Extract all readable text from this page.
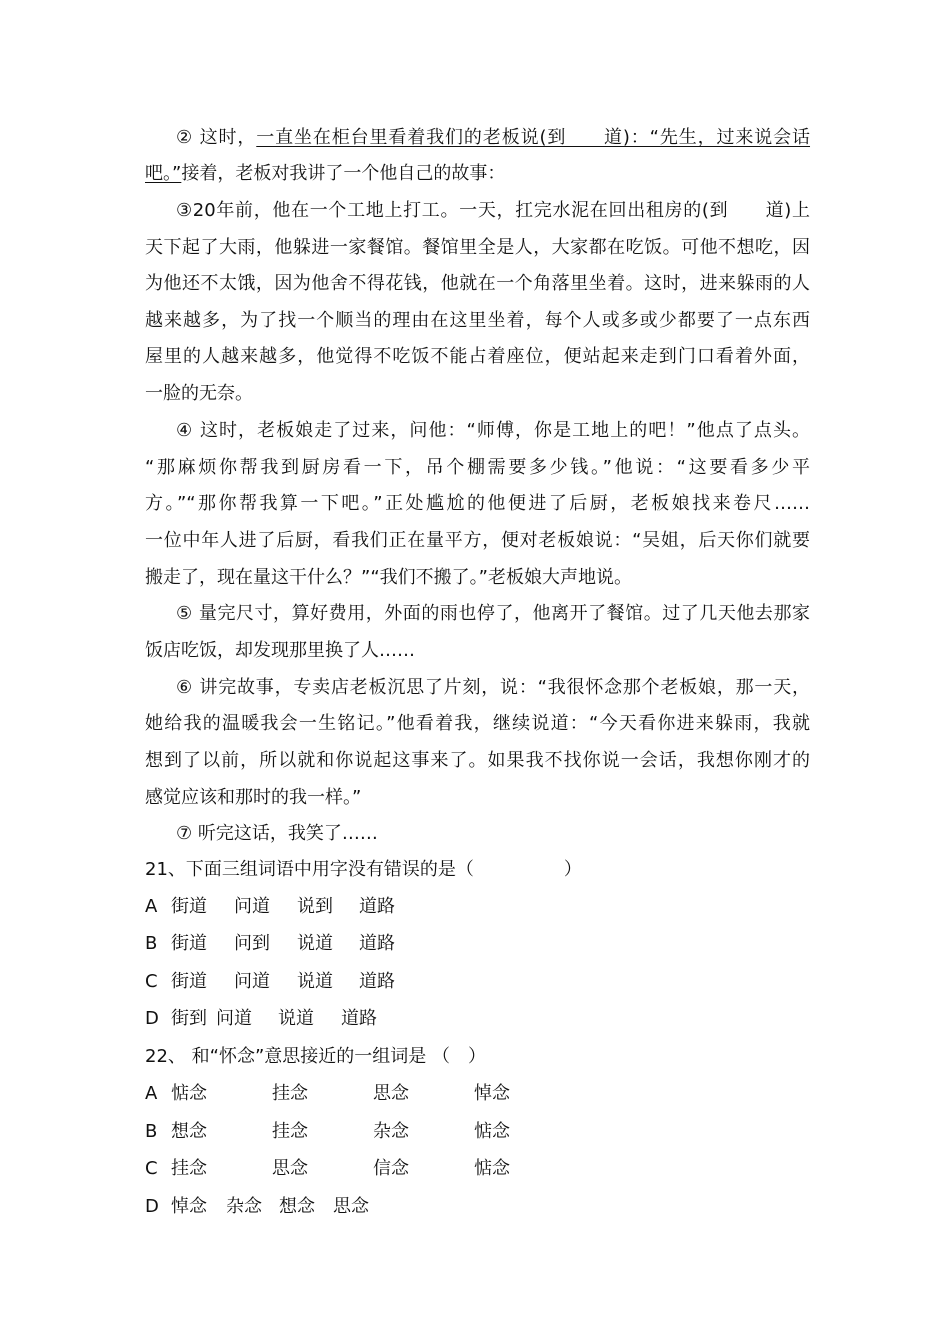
② 这时，一直坐在柜台里看着我们的老板说(到　　道)：“先生，过来说会话
吧。”接着，老板对我讲了一个他自己的故事：
③20年前，他在一个工地上打工。一天，扛完水泥在回出租房的(到　　道)上
天下起了大雨，他躲进一家餐馆。餐馆里全是人，大家都在吃饭。可他不想吃，因
为他还不太饿，因为他舍不得花钱，他就在一个角落里坐着。这时，进来躲雨的人
越来越多，为了找一个顺当的理由在这里坐着，每个人或多或少都要了一点东西
屋里的人越来越多，他觉得不吃饭不能占着座位，便站起来走到门口看着外面，
一脸的无奈。
④ 这时，老板娘走了过来，问他：“师傅，你是工地上的吧！”他点了点头。
“那麻烦你帮我到厨房看一下，吊个棚需要多少钱。”他说：“这要看多少平
方。”“那你帮我算一下吧。”正处尴尬的他便进了后厨，老板娘找来卷尺……
一位中年人进了后厨，看我们正在量平方，便对老板娘说：“吴姐，后天你们就要
搬走了，现在量这干什么？”“我们不搬了。”老板娘大声地说。
⑤ 量完尺寸，算好费用，外面的雨也停了，他离开了餐馆。过了几天他去那家
饭店吃饭，却发现那里换了人……
⑥ 讲完故事，专卖店老板沉思了片刻，说：“我很怀念那个老板娘，那一天，
她给我的温暖我会一生铭记。”他看着我，继续说道：“今天看你进来躲雨，我就
想到了以前，所以就和你说起这事来了。如果我不找你说一会话，我想你刚才的
感觉应该和那时的我一样。”
⑦ 听完这话，我笑了……
21、下面三组词语中用字没有错误的是（　　　　　）
A 街道 问道 说到 道路
B 街道 问到 说道 道路
C 街道 问道 说道 道路
D 街到 问道 说道 道路
22、 和“怀念”意思接近的一组词是 （　）
A 惦念	挂念	思念	悼念
B 想念	挂念	杂念	惦念
C 挂念	思念	信念	惦念
D 悼念 杂念 想念 思念
